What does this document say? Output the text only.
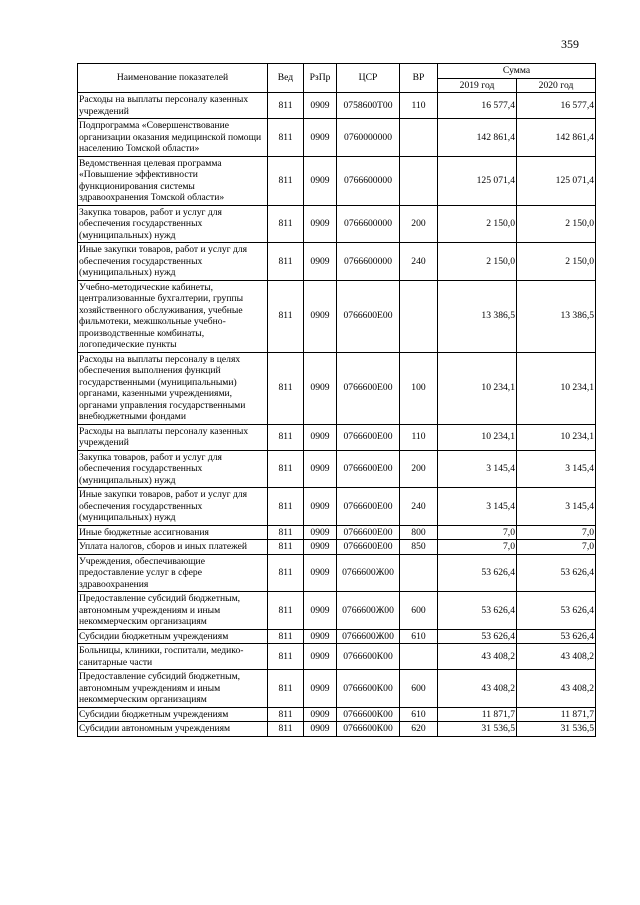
359
Наименование показателей	Вед	РзПр	ЦСР	ВР	Сумма	
					2019 год	2020 год
Расходы на выплаты персоналу казенных учреждений	811	0909	0758600Т00	110	16 577,4	16 577,4
Подпрограмма «Совершенствование организации оказания медицинской помощи населению Томской области»	811	0909	0760000000		142 861,4	142 861,4
Ведомственная целевая программа «Повышение эффективности функционирования системы здравоохранения Томской области»	811	0909	0766600000		125 071,4	125 071,4
Закупка товаров, работ и услуг для обеспечения государственных (муниципальных) нужд	811	0909	0766600000	200	2 150,0	2 150,0
Иные закупки товаров, работ и услуг для обеспечения государственных (муниципальных) нужд	811	0909	0766600000	240	2 150,0	2 150,0
Учебно-методические кабинеты, централизованные бухгалтерии, группы хозяйственного обслуживания, учебные фильмотеки, межшкольные учебно-производственные комбинаты, логопедические пункты	811	0909	0766600Е00		13 386,5	13 386,5
Расходы на выплаты персоналу в целях обеспечения выполнения функций государственными (муниципальными) органами, казенными учреждениями, органами управления государственными внебюджетными фондами	811	0909	0766600Е00	100	10 234,1	10 234,1
Расходы на выплаты персоналу казенных учреждений	811	0909	0766600Е00	110	10 234,1	10 234,1
Закупка товаров, работ и услуг для обеспечения государственных (муниципальных) нужд	811	0909	0766600Е00	200	3 145,4	3 145,4
Иные закупки товаров, работ и услуг для обеспечения государственных (муниципальных) нужд	811	0909	0766600Е00	240	3 145,4	3 145,4
Иные бюджетные ассигнования	811	0909	0766600Е00	800	7,0	7,0
Уплата налогов, сборов и иных платежей	811	0909	0766600Е00	850	7,0	7,0
Учреждения, обеспечивающие предоставление услуг в сфере здравоохранения	811	0909	0766600Ж00		53 626,4	53 626,4
Предоставление субсидий бюджетным, автономным учреждениям и иным некоммерческим организациям	811	0909	0766600Ж00	600	53 626,4	53 626,4
Субсидии бюджетным учреждениям	811	0909	0766600Ж00	610	53 626,4	53 626,4
Больницы, клиники, госпитали, медико-санитарные части	811	0909	0766600К00		43 408,2	43 408,2
Предоставление субсидий бюджетным, автономным учреждениям и иным некоммерческим организациям	811	0909	0766600К00	600	43 408,2	43 408,2
Субсидии бюджетным учреждениям	811	0909	0766600К00	610	11 871,7	11 871,7
Субсидии автономным учреждениям	811	0909	0766600К00	620	31 536,5	31 536,5
